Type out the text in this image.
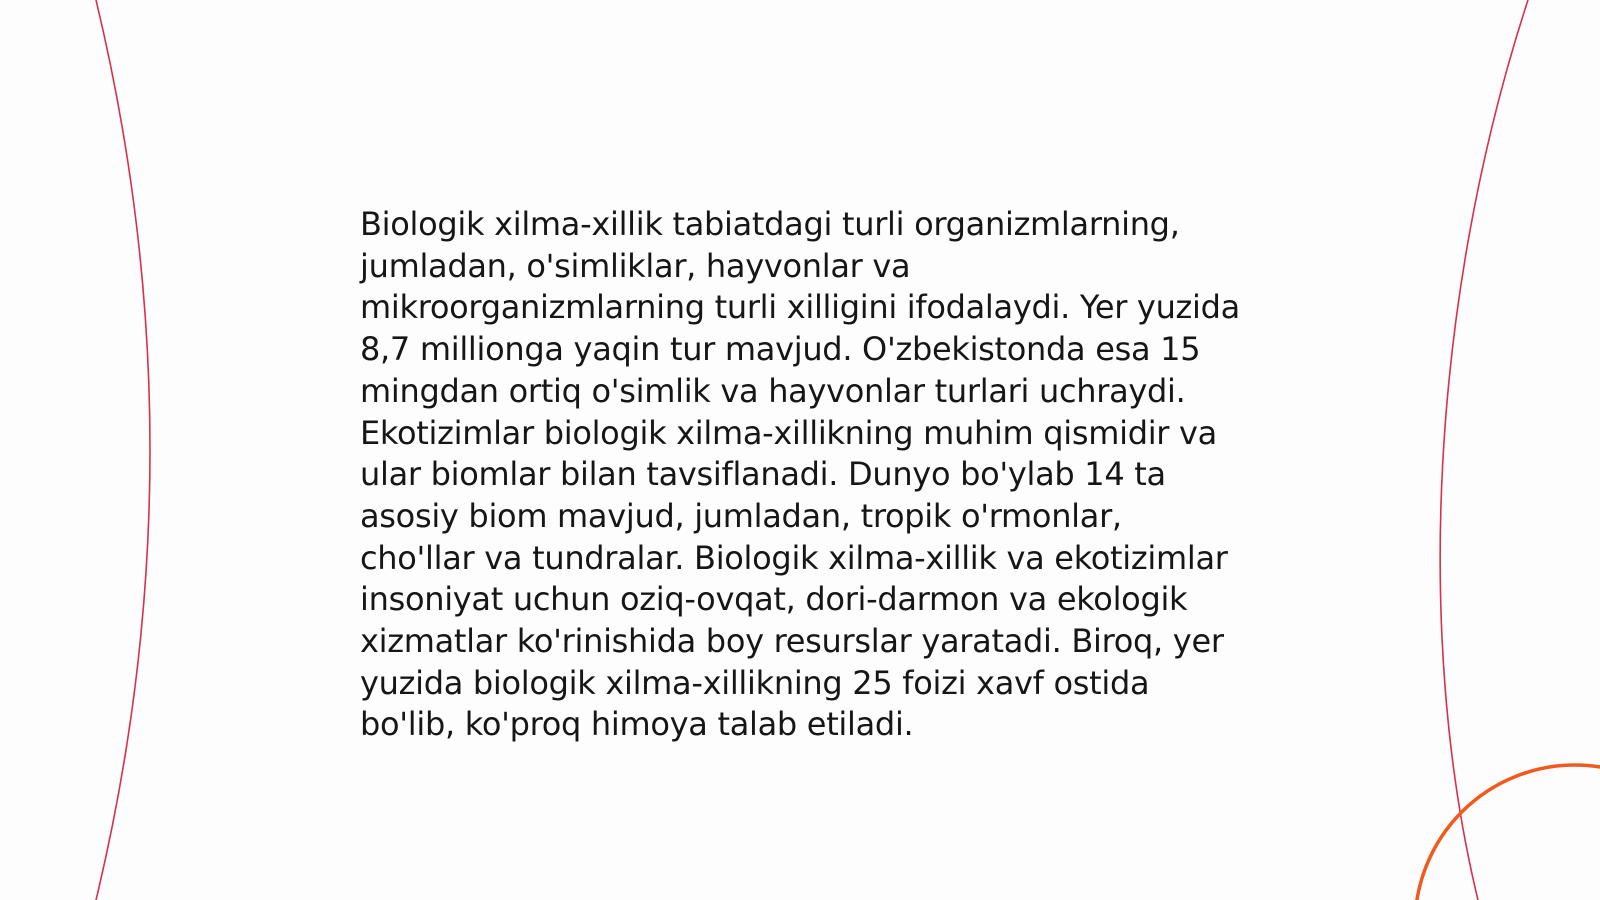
Biologik xilma-xillik tabiatdagi turli organizmlarning, jumladan, o'simliklar, hayvonlar va mikroorganizmlarning turli xilligini ifodalaydi. Yer yuzida 8,7 millionga yaqin tur mavjud. O'zbekistonda esa 15 mingdan ortiq o'simlik va hayvonlar turlari uchraydi. Ekotizimlar biologik xilma-xillikning muhim qismidir va ular biomlar bilan tavsiflanadi. Dunyo bo'ylab 14 ta asosiy biom mavjud, jumladan, tropik o'rmonlar, cho'llar va tundralar. Biologik xilma-xillik va ekotizimlar insoniyat uchun oziq-ovqat, dori-darmon va ekologik xizmatlar ko'rinishida boy resurslar yaratadi. Biroq, yer yuzida biologik xilma-xillikning 25 foizi xavf ostida bo'lib, ko'proq himoya talab etiladi.
